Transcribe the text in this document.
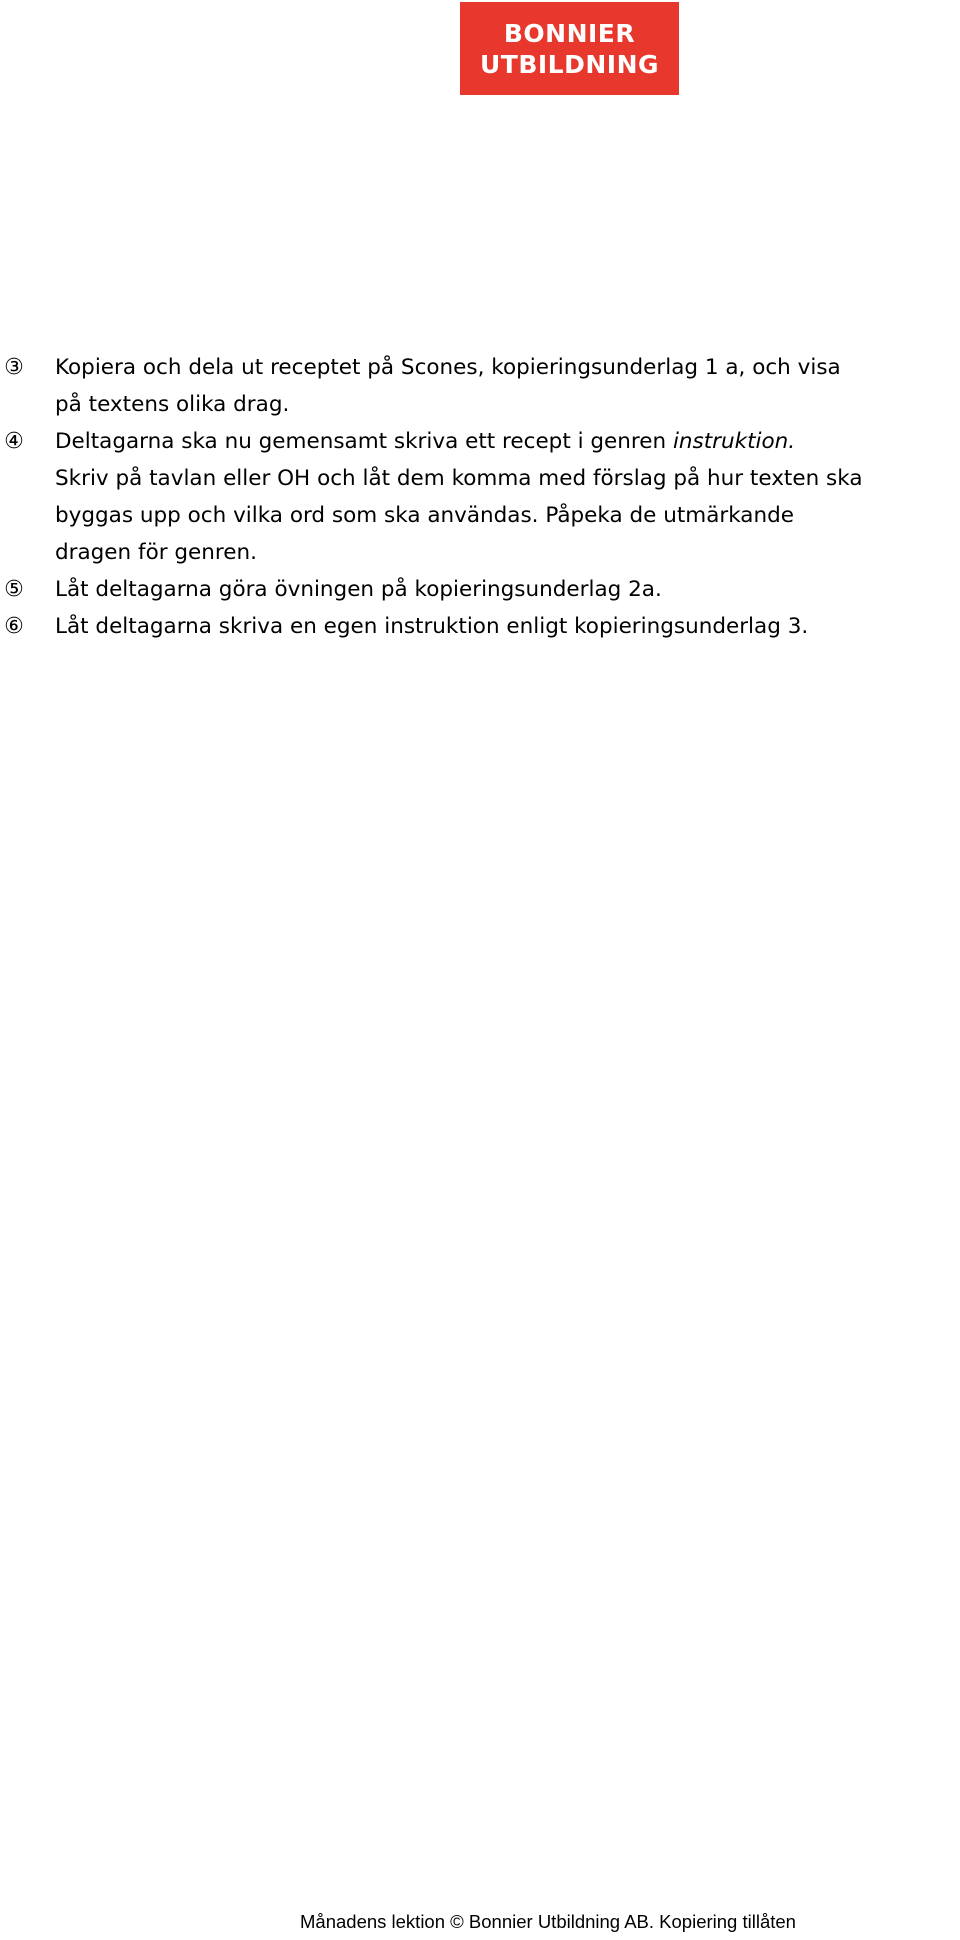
BONNIER
UTBILDNING
③ Kopiera och dela ut receptet på Scones, kopieringsunderlag 1 a, och visa
på textens olika drag.
④ Deltagarna ska nu gemensamt skriva ett recept i genren instruktion.
Skriv på tavlan eller OH och låt dem komma med förslag på hur texten ska
byggas upp och vilka ord som ska användas. Påpeka de utmärkande
dragen för genren.
⑤ Låt deltagarna göra övningen på kopieringsunderlag 2a.
⑥ Låt deltagarna skriva en egen instruktion enligt kopieringsunderlag 3.
Månadens lektion © Bonnier Utbildning AB. Kopiering tillåten
